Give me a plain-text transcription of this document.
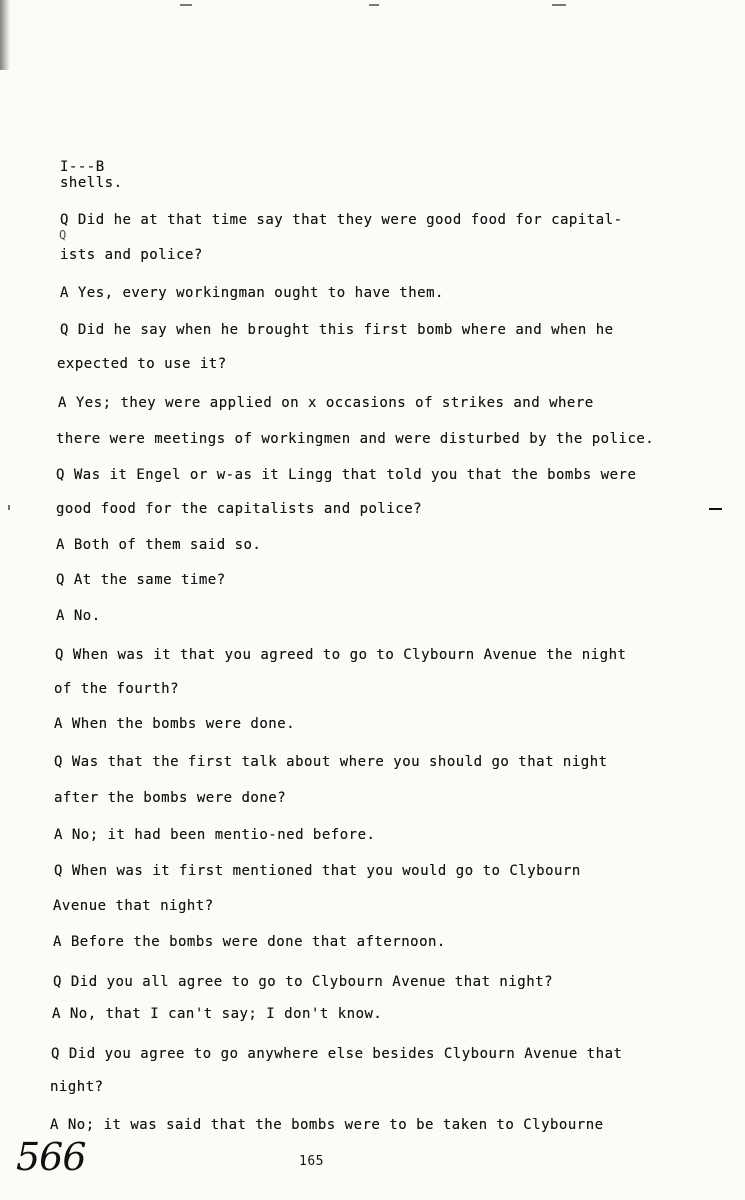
I---B
shells.
Q Did he at that time say that they were good food for capital-
Q
ists and police?
A Yes, every workingman ought to have them.
Q Did he say when he brought this first bomb where and when he
expected to use it?
A Yes; they were applied on x occasions of strikes and where
there were meetings of workingmen and were disturbed by the police.
Q Was it Engel or w-as it Lingg that told you that the bombs were
good food for the capitalists and police?
A Both of them said so.
Q At the same time?
A No.
Q When was it that you agreed to go to Clybourn Avenue the night
of the fourth?
A When the bombs were done.
Q Was that the first talk about where you should go that night
after the bombs were done?
A No; it had been mentio-ned before.
Q When was it first mentioned that you would go to Clybourn
Avenue that night?
A Before the bombs were done that afternoon.
Q Did you all agree to go to Clybourn Avenue that night?
A No, that I can't say; I don't know.
Q Did you agree to go anywhere else besides Clybourn Avenue that
night?
A No; it was said that the bombs were to be taken to Clybourne
566	165
